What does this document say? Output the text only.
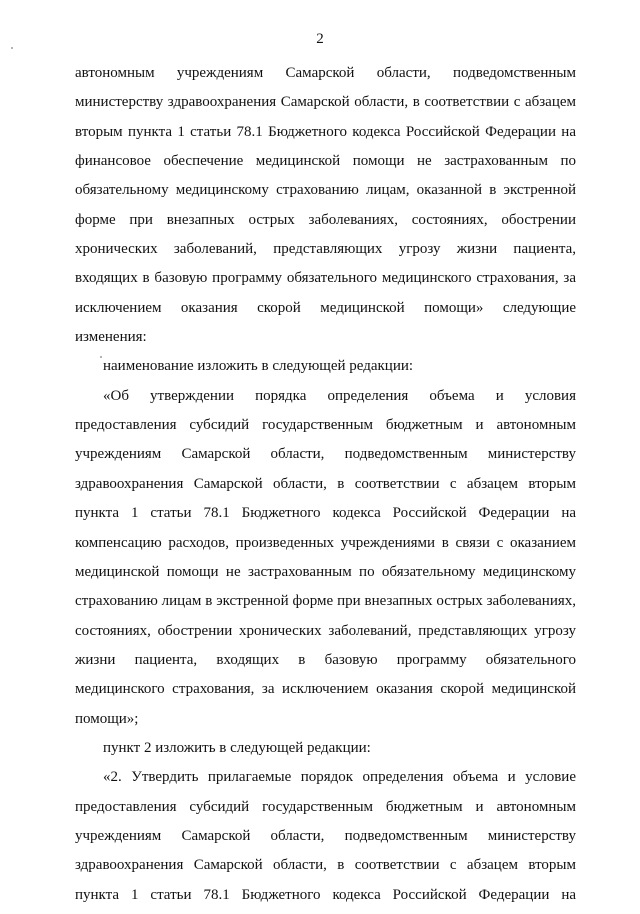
2
автономным учреждениям Самарской области, подведомственным
министерству здравоохранения Самарской области, в соответствии с абзацем
вторым пункта 1 статьи 78.1 Бюджетного кодекса Российской Федерации на
финансовое обеспечение медицинской помощи не застрахованным по
обязательному медицинскому страхованию лицам, оказанной в экстренной
форме при внезапных острых заболеваниях, состояниях, обострении
хронических заболеваний, представляющих угрозу жизни пациента,
входящих в базовую программу обязательного медицинского страхования, за
исключением оказания скорой медицинской помощи» следующие
изменения:
наименование изложить в следующей редакции:
«Об утверждении порядка определения объема и условия
предоставления субсидий государственным бюджетным и автономным
учреждениям Самарской области, подведомственным министерству
здравоохранения Самарской области, в соответствии с абзацем вторым
пункта 1 статьи 78.1 Бюджетного кодекса Российской Федерации на
компенсацию расходов, произведенных учреждениями в связи с оказанием
медицинской помощи не застрахованным по обязательному медицинскому
страхованию лицам в экстренной форме при внезапных острых заболеваниях,
состояниях, обострении хронических заболеваний, представляющих угрозу
жизни пациента, входящих в базовую программу обязательного
медицинского страхования, за исключением оказания скорой медицинской
помощи»;
пункт 2 изложить в следующей редакции:
«2. Утвердить прилагаемые порядок определения объема и условие
предоставления субсидий государственным бюджетным и автономным
учреждениям Самарской области, подведомственным министерству
здравоохранения Самарской области, в соответствии с абзацем вторым
пункта 1 статьи 78.1 Бюджетного кодекса Российской Федерации на
